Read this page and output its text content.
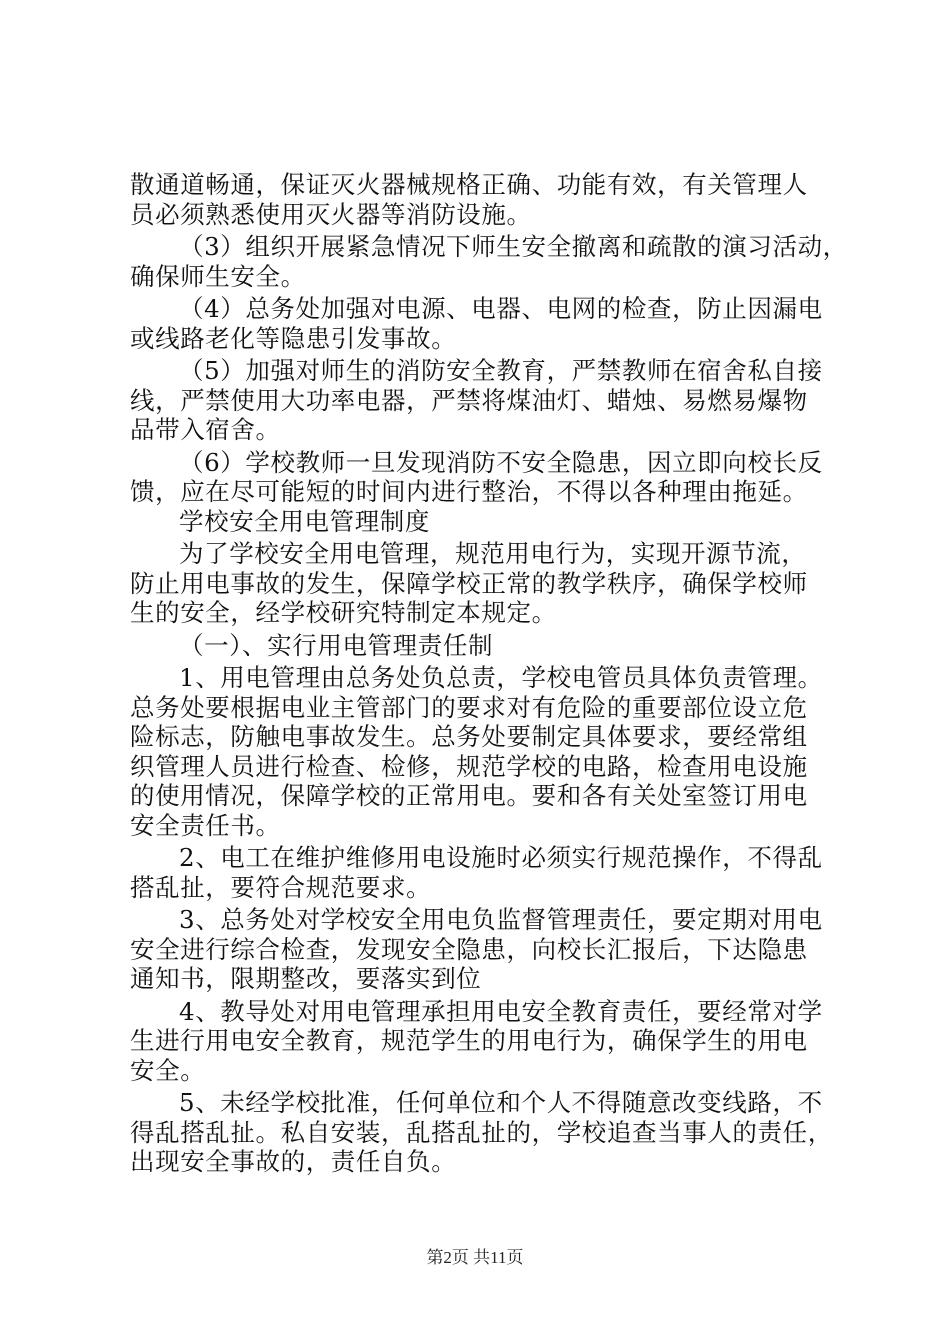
散通道畅通，保证灭火器械规格正确、功能有效，有关管理人
员必须熟悉使用灭火器等消防设施。
（3）组织开展紧急情况下师生安全撤离和疏散的演习活动，
确保师生安全。
（4）总务处加强对电源、电器、电网的检查，防止因漏电
或线路老化等隐患引发事故。
（5）加强对师生的消防安全教育，严禁教师在宿舍私自接
线，严禁使用大功率电器，严禁将煤油灯、蜡烛、易燃易爆物
品带入宿舍。
（6）学校教师一旦发现消防不安全隐患，因立即向校长反
馈，应在尽可能短的时间内进行整治，不得以各种理由拖延。
学校安全用电管理制度
为了学校安全用电管理，规范用电行为，实现开源节流，
防止用电事故的发生，保障学校正常的教学秩序，确保学校师
生的安全，经学校研究特制定本规定。
（一）、实行用电管理责任制
1、用电管理由总务处负总责，学校电管员具体负责管理。
总务处要根据电业主管部门的要求对有危险的重要部位设立危
险标志，防触电事故发生。总务处要制定具体要求，要经常组
织管理人员进行检查、检修，规范学校的电路，检查用电设施
的使用情况，保障学校的正常用电。要和各有关处室签订用电
安全责任书。
2、电工在维护维修用电设施时必须实行规范操作，不得乱
搭乱扯，要符合规范要求。
3、总务处对学校安全用电负监督管理责任，要定期对用电
安全进行综合检查，发现安全隐患，向校长汇报后，下达隐患
通知书，限期整改，要落实到位
4、教导处对用电管理承担用电安全教育责任，要经常对学
生进行用电安全教育，规范学生的用电行为，确保学生的用电
安全。
5、未经学校批准，任何单位和个人不得随意改变线路，不
得乱搭乱扯。私自安装，乱搭乱扯的，学校追查当事人的责任，
出现安全事故的，责任自负。
第2页 共11页
